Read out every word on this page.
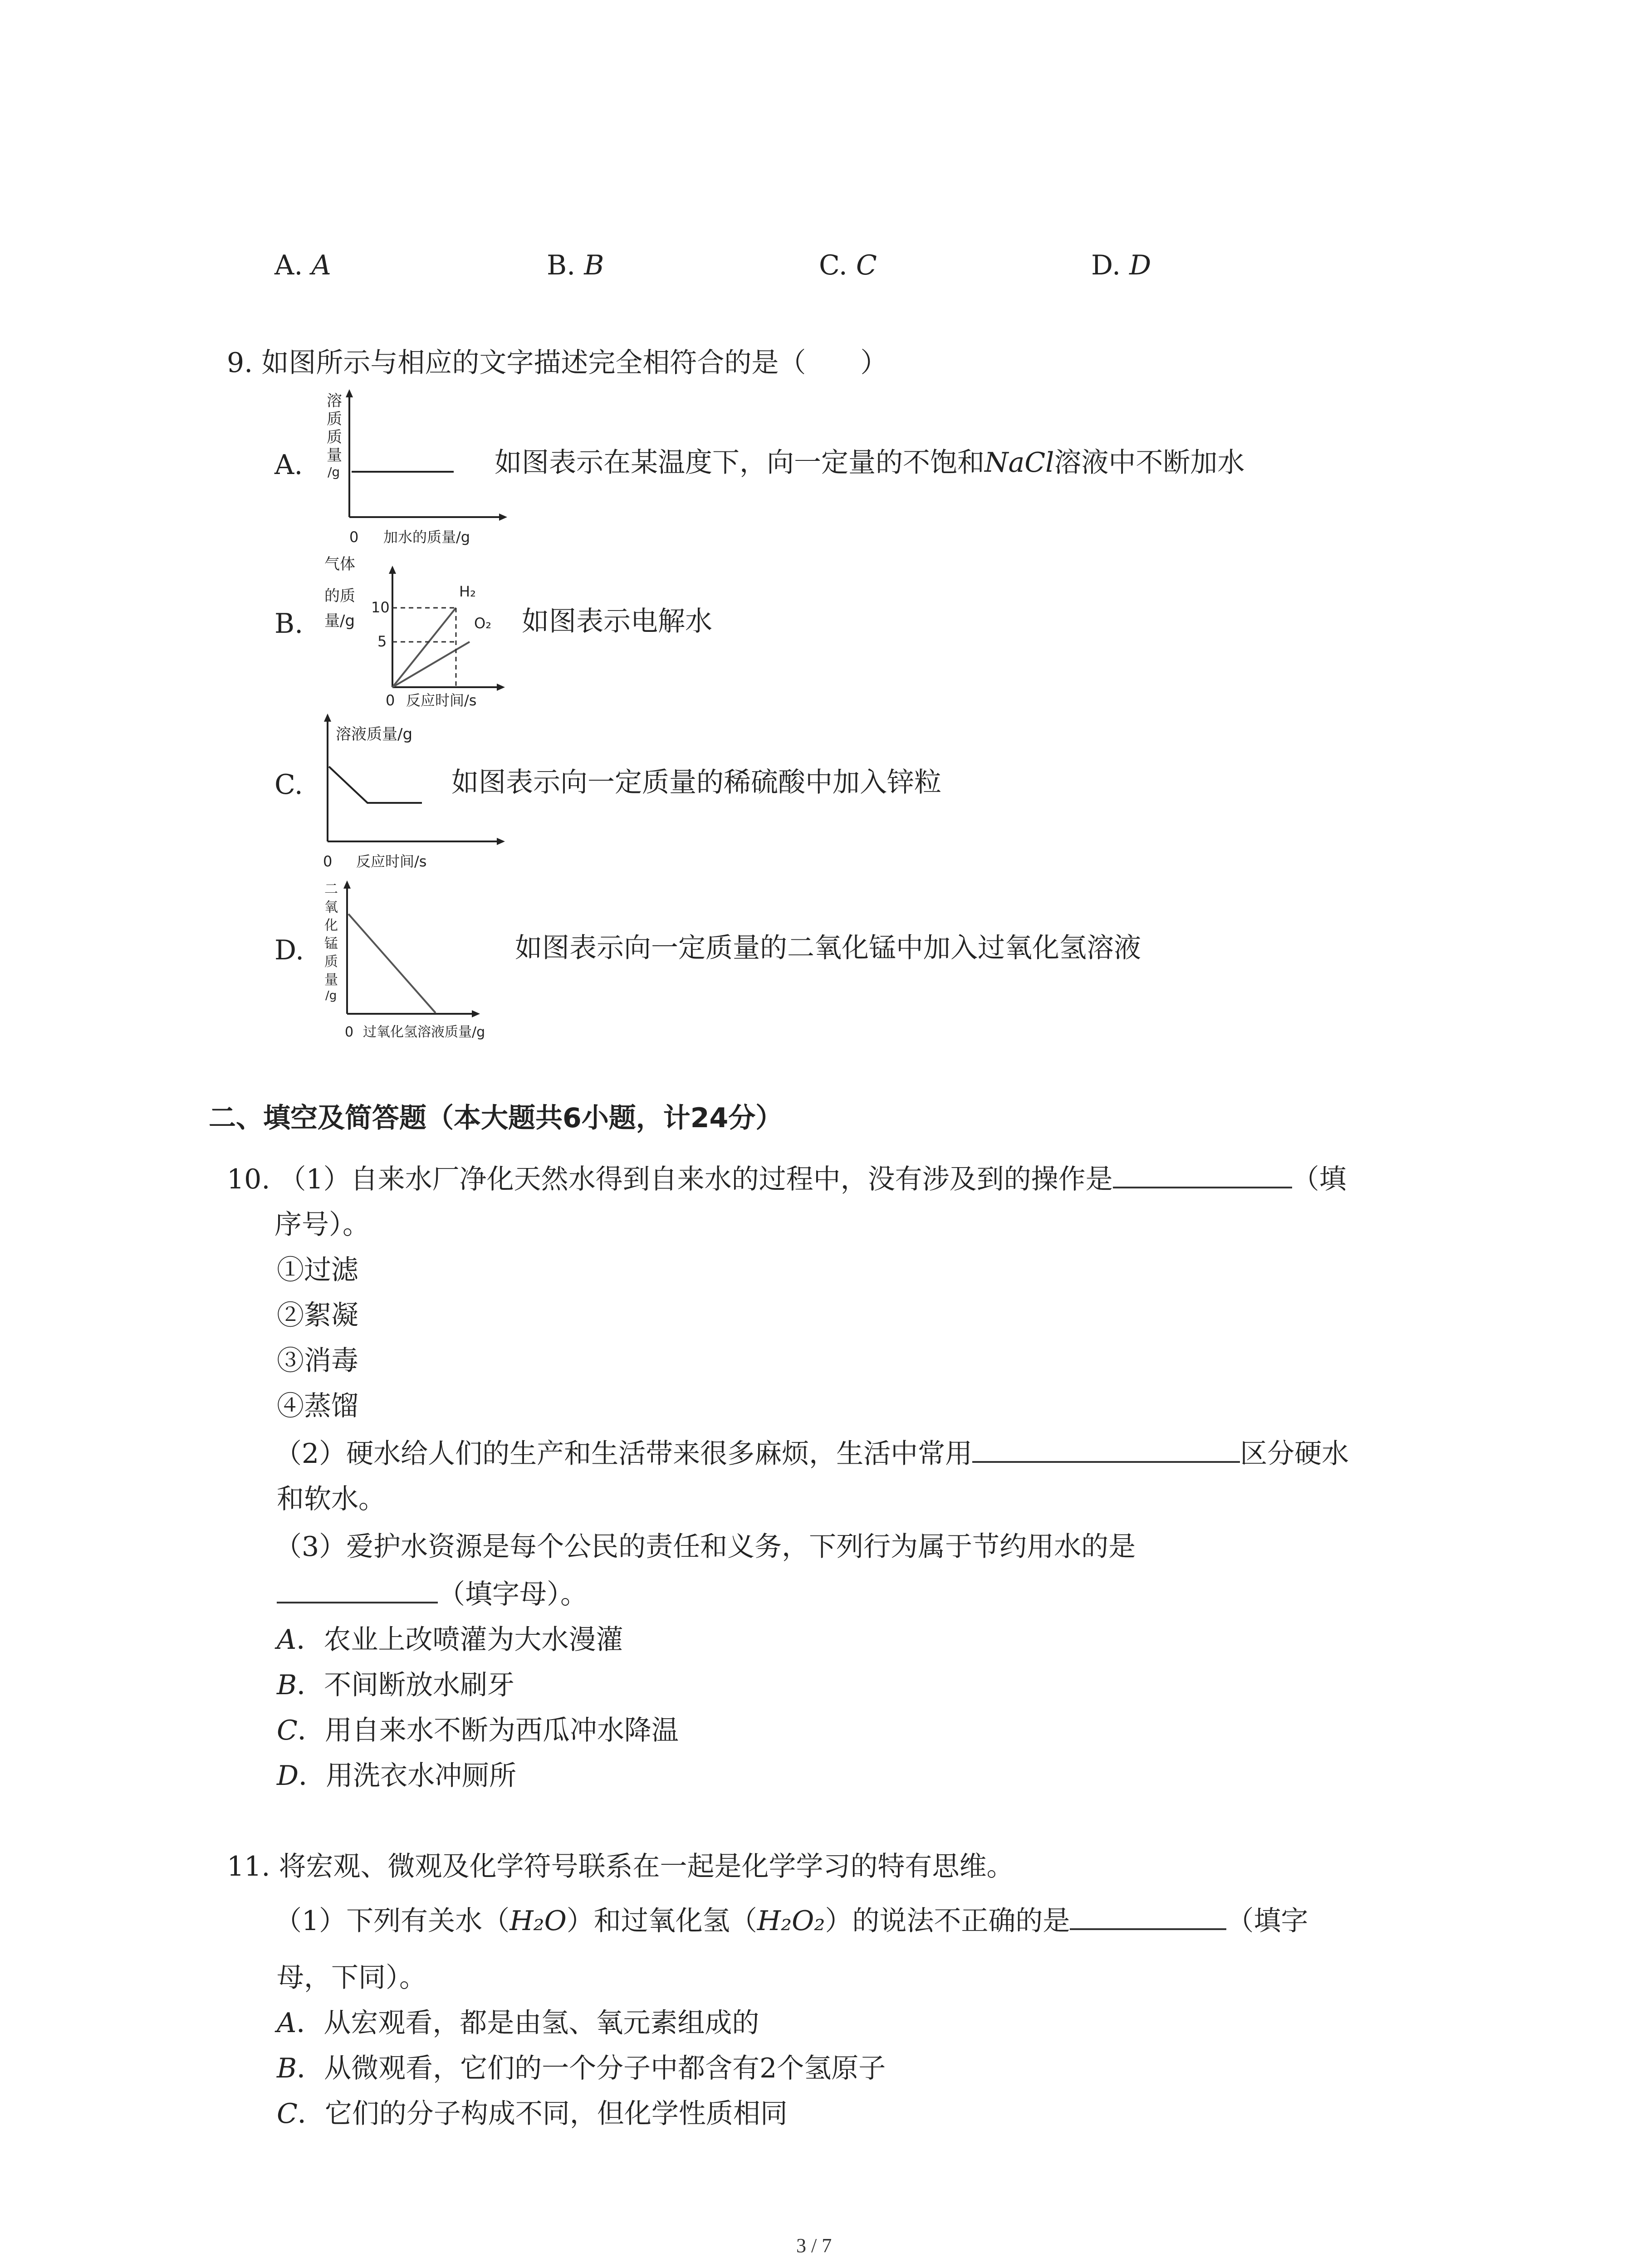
A. A	B. B	C. C	D. D
9. 如图所示与相应的文字描述完全相符合的是（　　）
A.
溶
质
质
量
/g
0 加水的质量/g
如图表示在某温度下，向一定量的不饱和NaCl溶液中不断加水
B.
气体
的质
量/g
10
5
H₂
O₂
0 反应时间/s
如图表示电解水
C.
溶液质量/g
0 反应时间/s
如图表示向一定质量的稀硫酸中加入锌粒
D.
二
氧
化
锰
质
量
/g
0 过氧化氢溶液质量/g
如图表示向一定质量的二氧化锰中加入过氧化氢溶液
二、填空及简答题（本大题共6小题，计24分）
10. （1）自来水厂净化天然水得到自来水的过程中，没有涉及到的操作是	（填
序号）。
①过滤
②絮凝
③消毒
④蒸馏
（2）硬水给人们的生产和生活带来很多麻烦，生活中常用	区分硬水
和软水。
（3）爱护水资源是每个公民的责任和义务，下列行为属于节约用水的是
（填字母）。
A．农业上改喷灌为大水漫灌
B．不间断放水刷牙
C．用自来水不断为西瓜冲水降温
D．用洗衣水冲厕所
11. 将宏观、微观及化学符号联系在一起是化学学习的特有思维。
（1）下列有关水（H₂O）和过氧化氢（H₂O₂）的说法不正确的是	（填字
母，下同）。
A．从宏观看，都是由氢、氧元素组成的
B．从微观看，它们的一个分子中都含有2个氢原子
C．它们的分子构成不同，但化学性质相同
3 / 7
